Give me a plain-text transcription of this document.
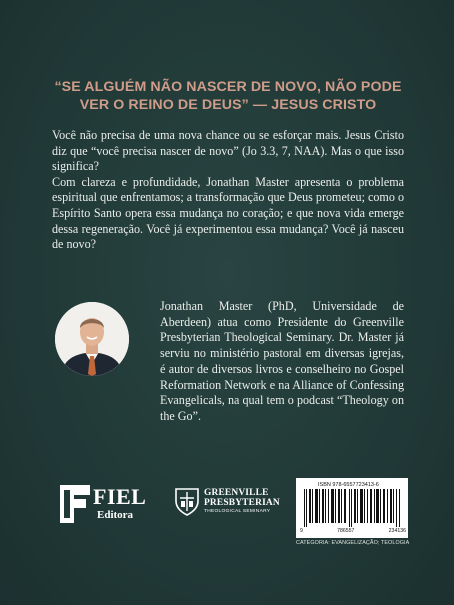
“SE ALGUÉM NÃO NASCER DE NOVO, NÃO PODE
VER O REINO DE DEUS” — JESUS CRISTO

Você não precisa de uma nova chance ou se esforçar mais. Jesus Cristo diz que “você precisa nascer de novo” (Jo 3.3, 7, NAA). Mas o que isso significa?

Com clareza e profundidade, Jonathan Master apresenta o problema espiritual que enfrentamos; a transformação que Deus prometeu; como o Espírito Santo opera essa mudança no coração; e que nova vida emerge dessa regeneração. Você já experimentou essa mudança? Você já nasceu de novo?

Jonathan Master (PhD, Universidade de Aberdeen) atua como Presidente do Greenville Presbyterian Theological Seminary. Dr. Master já serviu no ministério pastoral em diversas igrejas, é autor de diversos livros e conselheiro no Gospel Reformation Network e na Alliance of Confessing Evangelicals, na qual tem o podcast “Theology on the Go”.

FIEL
Editora
GREENVILLE
PRESBYTERIAN
THEOLOGICAL SEMINARY
ISBN 978-6557723413-6
9	786557	234136
CATEGORIA: EVANGELIZAÇÃO; TEOLOGIA
